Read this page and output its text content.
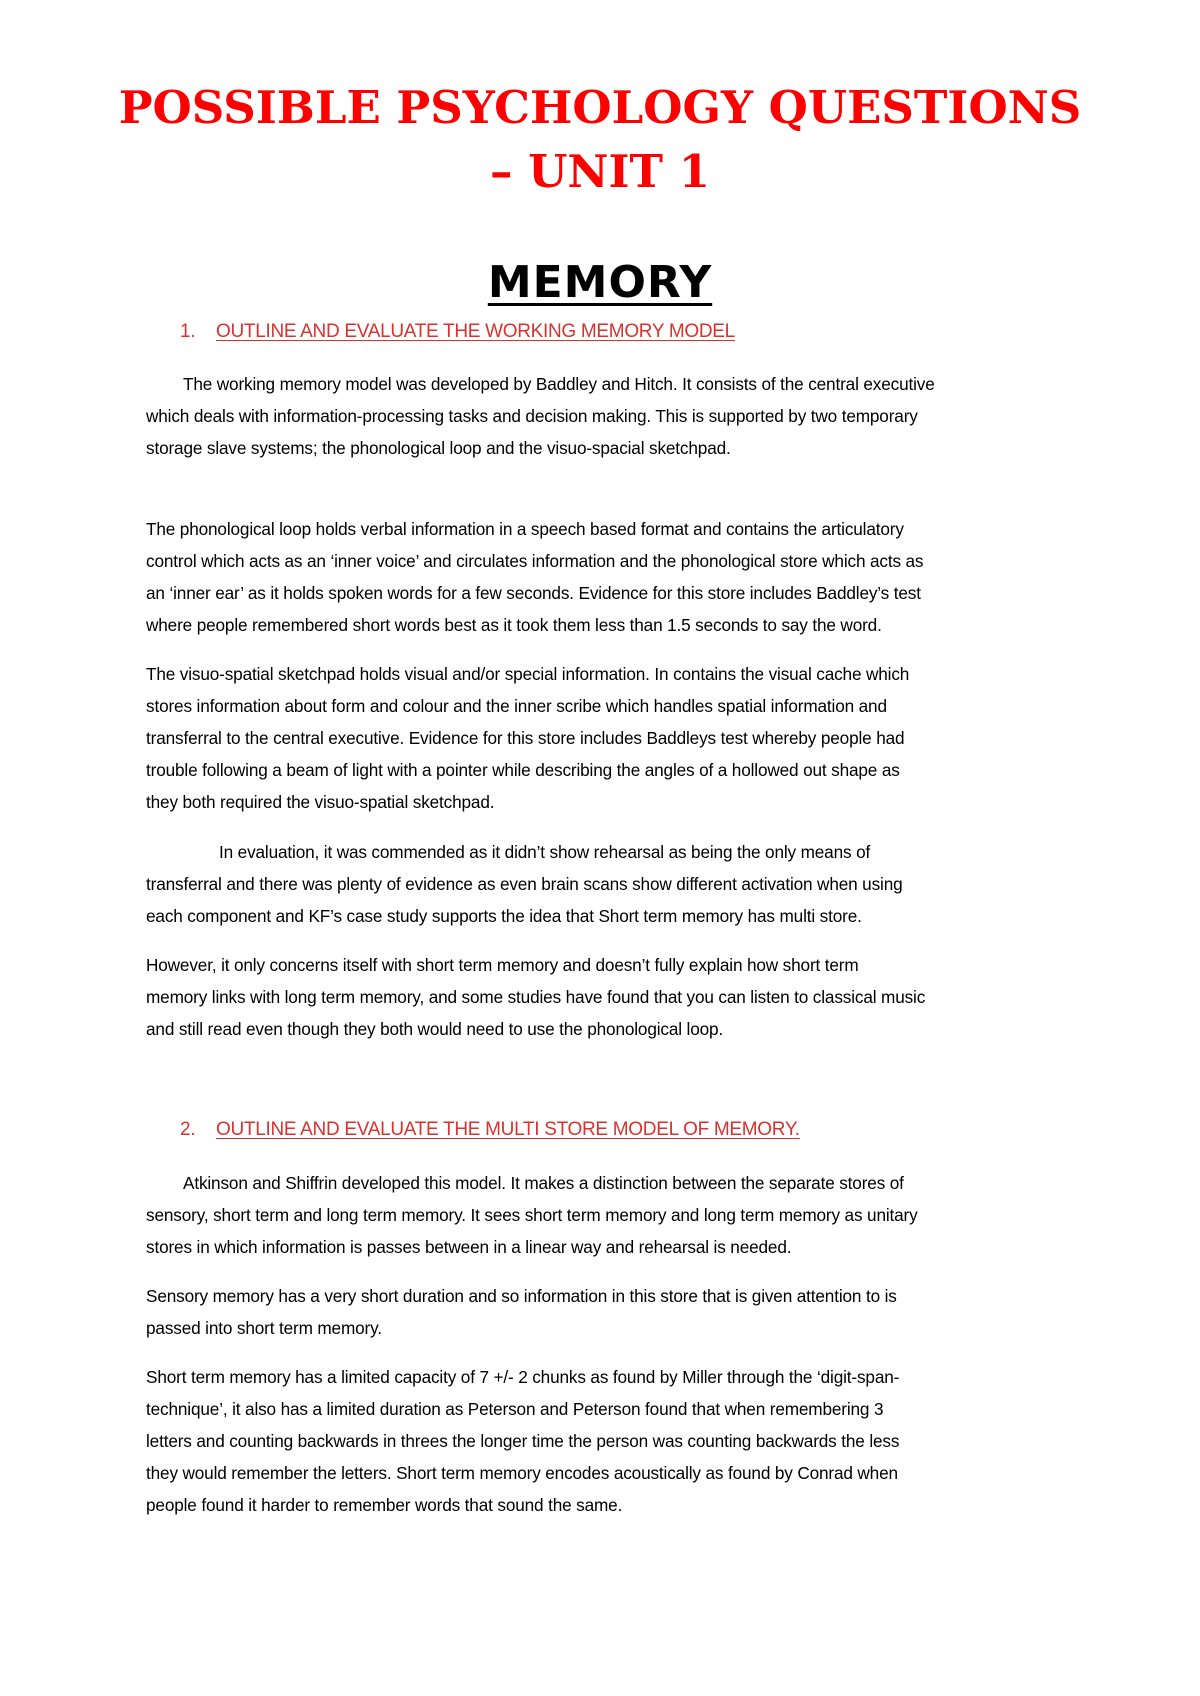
POSSIBLE PSYCHOLOGY QUESTIONS
– UNIT 1
MEMORY
1. OUTLINE AND EVALUATE THE WORKING MEMORY MODEL
The working memory model was developed by Baddley and Hitch. It consists of the central executive
which deals with information-processing tasks and decision making. This is supported by two temporary
storage slave systems; the phonological loop and the visuo-spacial sketchpad.
The phonological loop holds verbal information in a speech based format and contains the articulatory
control which acts as an ‘inner voice’ and circulates information and the phonological store which acts as
an ‘inner ear’ as it holds spoken words for a few seconds. Evidence for this store includes Baddley’s test
where people remembered short words best as it took them less than 1.5 seconds to say the word.
The visuo-spatial sketchpad holds visual and/or special information. In contains the visual cache which
stores information about form and colour and the inner scribe which handles spatial information and
transferral to the central executive. Evidence for this store includes Baddleys test whereby people had
trouble following a beam of light with a pointer while describing the angles of a hollowed out shape as
they both required the visuo-spatial sketchpad.
In evaluation, it was commended as it didn’t show rehearsal as being the only means of
transferral and there was plenty of evidence as even brain scans show different activation when using
each component and KF’s case study supports the idea that Short term memory has multi store.
However, it only concerns itself with short term memory and doesn’t fully explain how short term
memory links with long term memory, and some studies have found that you can listen to classical music
and still read even though they both would need to use the phonological loop.
2. OUTLINE AND EVALUATE THE MULTI STORE MODEL OF MEMORY.
Atkinson and Shiffrin developed this model. It makes a distinction between the separate stores of
sensory, short term and long term memory. It sees short term memory and long term memory as unitary
stores in which information is passes between in a linear way and rehearsal is needed.
Sensory memory has a very short duration and so information in this store that is given attention to is
passed into short term memory.
Short term memory has a limited capacity of 7 +/- 2 chunks as found by Miller through the ‘digit-span-
technique’, it also has a limited duration as Peterson and Peterson found that when remembering 3
letters and counting backwards in threes the longer time the person was counting backwards the less
they would remember the letters. Short term memory encodes acoustically as found by Conrad when
people found it harder to remember words that sound the same.
